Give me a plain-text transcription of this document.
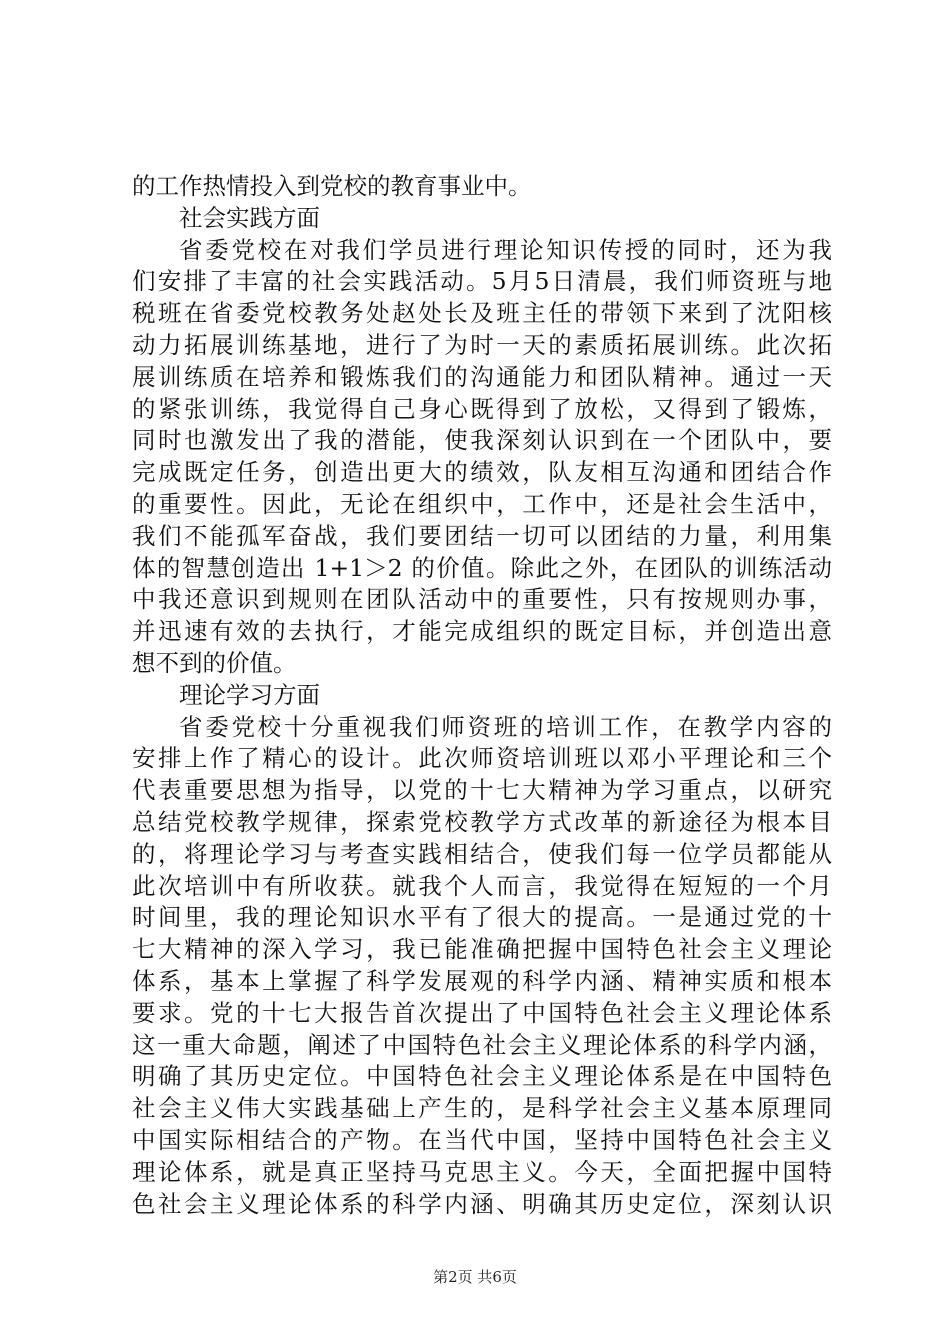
的工作热情投入到党校的教育事业中。
社会实践方面
省委党校在对我们学员进行理论知识传授的同时，还为我
们安排了丰富的社会实践活动。5月5日清晨，我们师资班与地
税班在省委党校教务处赵处长及班主任的带领下来到了沈阳核
动力拓展训练基地，进行了为时一天的素质拓展训练。此次拓
展训练质在培养和锻炼我们的沟通能力和团队精神。通过一天
的紧张训练，我觉得自己身心既得到了放松，又得到了锻炼，
同时也激发出了我的潜能，使我深刻认识到在一个团队中，要
完成既定任务，创造出更大的绩效，队友相互沟通和团结合作
的重要性。因此，无论在组织中，工作中，还是社会生活中，
我们不能孤军奋战，我们要团结一切可以团结的力量，利用集
体的智慧创造出 1+1＞2 的价值。除此之外，在团队的训练活动
中我还意识到规则在团队活动中的重要性，只有按规则办事，
并迅速有效的去执行，才能完成组织的既定目标，并创造出意
想不到的价值。
理论学习方面
省委党校十分重视我们师资班的培训工作，在教学内容的
安排上作了精心的设计。此次师资培训班以邓小平理论和三个
代表重要思想为指导，以党的十七大精神为学习重点，以研究
总结党校教学规律，探索党校教学方式改革的新途径为根本目
的，将理论学习与考查实践相结合，使我们每一位学员都能从
此次培训中有所收获。就我个人而言，我觉得在短短的一个月
时间里，我的理论知识水平有了很大的提高。一是通过党的十
七大精神的深入学习，我已能准确把握中国特色社会主义理论
体系，基本上掌握了科学发展观的科学内涵、精神实质和根本
要求。党的十七大报告首次提出了中国特色社会主义理论体系
这一重大命题，阐述了中国特色社会主义理论体系的科学内涵，
明确了其历史定位。中国特色社会主义理论体系是在中国特色
社会主义伟大实践基础上产生的，是科学社会主义基本原理同
中国实际相结合的产物。在当代中国，坚持中国特色社会主义
理论体系，就是真正坚持马克思主义。今天，全面把握中国特
色社会主义理论体系的科学内涵、明确其历史定位，深刻认识
第2页 共6页
